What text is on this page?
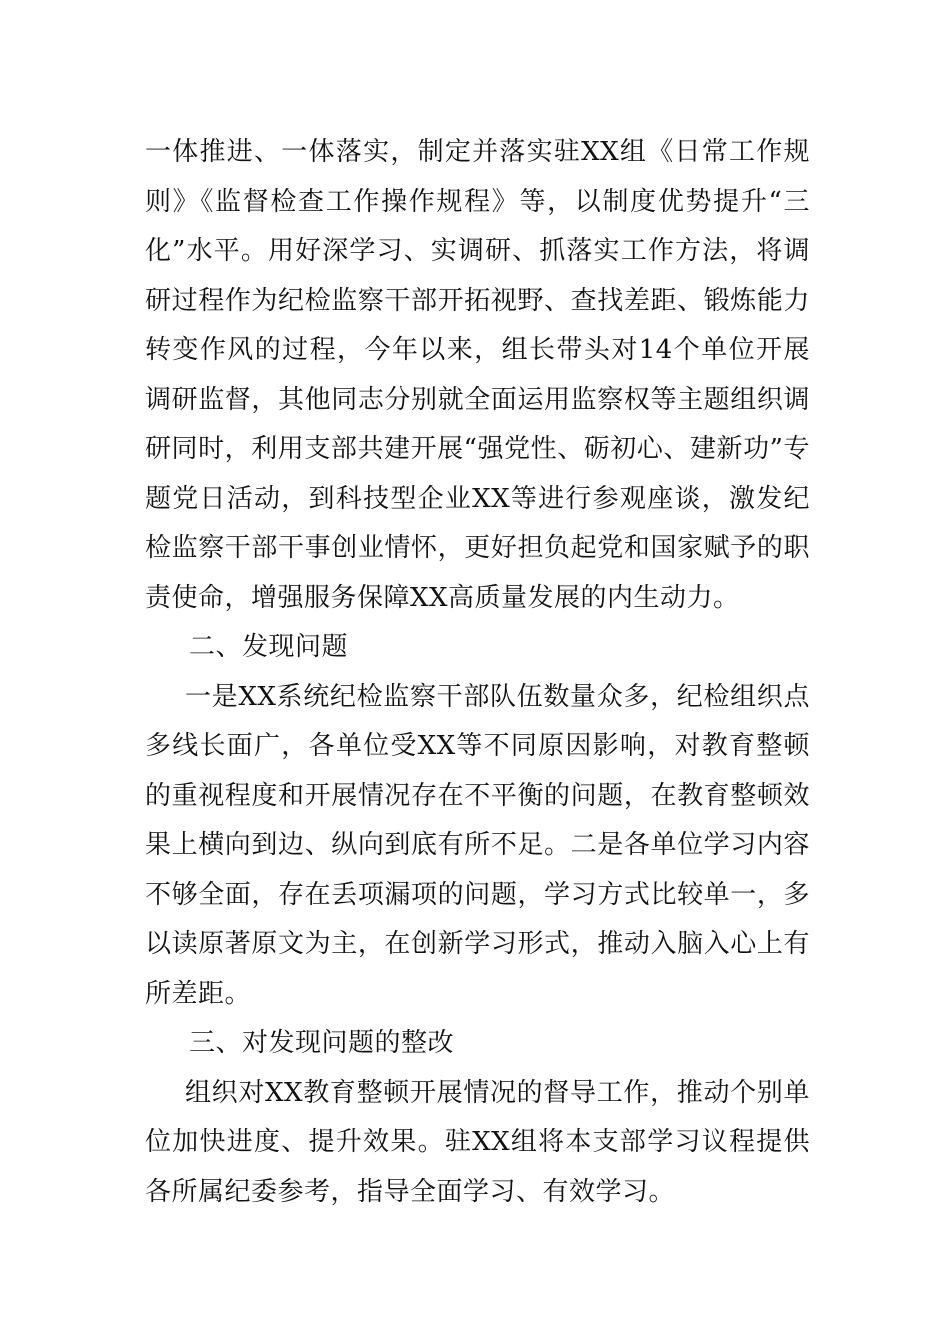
一体推进、一体落实，制定并落实驻XX组《日常工作规则》《监督检查工作操作规程》等，以制度优势提升“三化”水平。用好深学习、实调研、抓落实工作方法，将调研过程作为纪检监察干部开拓视野、查找差距、锻炼能力转变作风的过程，今年以来，组长带头对14个单位开展调研监督，其他同志分别就全面运用监察权等主题组织调研同时，利用支部共建开展“强党性、砺初心、建新功”专题党日活动，到科技型企业XX等进行参观座谈，激发纪检监察干部干事创业情怀，更好担负起党和国家赋予的职责使命，增强服务保障XX高质量发展的内生动力。

二、发现问题

一是XX系统纪检监察干部队伍数量众多，纪检组织点多线长面广，各单位受XX等不同原因影响，对教育整顿的重视程度和开展情况存在不平衡的问题，在教育整顿效果上横向到边、纵向到底有所不足。二是各单位学习内容不够全面，存在丢项漏项的问题，学习方式比较单一，多以读原著原文为主，在创新学习形式，推动入脑入心上有所差距。

三、对发现问题的整改

组织对XX教育整顿开展情况的督导工作，推动个别单位加快进度、提升效果。驻XX组将本支部学习议程提供各所属纪委参考，指导全面学习、有效学习。
